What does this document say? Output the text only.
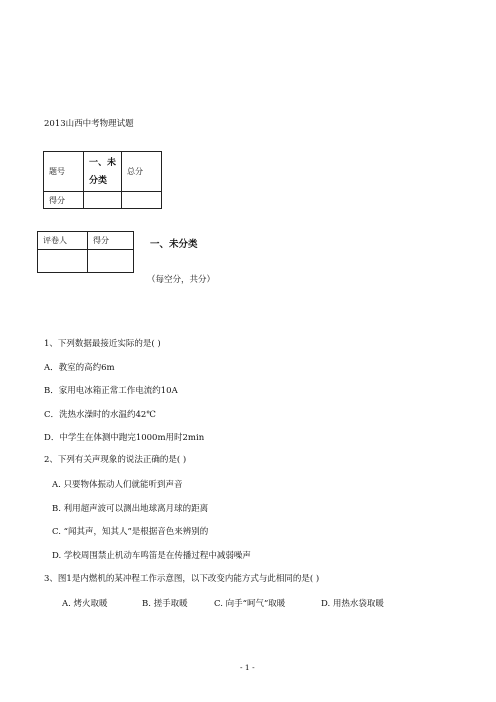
2013山西中考物理试题
题号	一、未分类	总分
得分		
评卷人	得分
		一、未分类
（每空分，共分）
1、下列数据最接近实际的是( )
A．教室的高约6m
B．家用电冰箱正常工作电流约10A
C．洗热水澡时的水温约42℃
D．中学生在体测中跑完1000m用时2min
2、下列有关声现象的说法正确的是( )
A. 只要物体振动人们就能听到声音
B. 利用超声波可以测出地球离月球的距离
C. “闻其声，知其人”是根据音色来辨别的
D. 学校周围禁止机动车鸣笛是在传播过程中减弱噪声
3、图1是内燃机的某冲程工作示意图，以下改变内能方式与此相同的是( )
A. 烤火取暖	B. 搓手取暖	C. 向手“呵气”取暖	D. 用热水袋取暖
- 1 -
